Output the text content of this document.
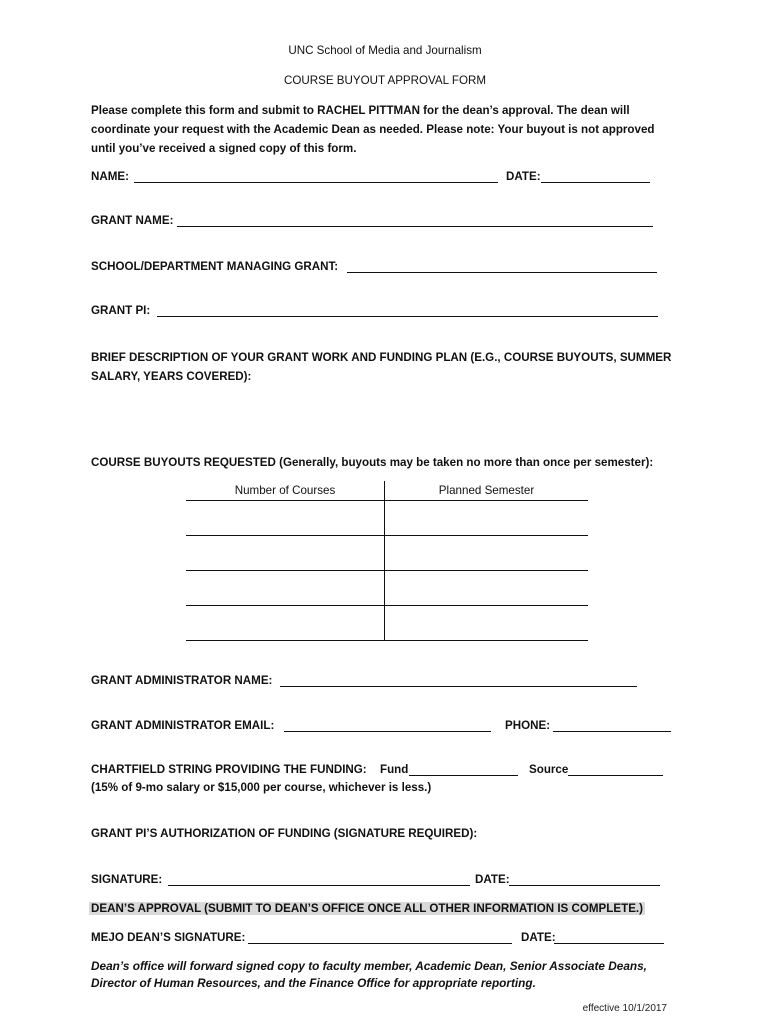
UNC School of Media and Journalism
COURSE BUYOUT APPROVAL FORM
Please complete this form and submit to RACHEL PITTMAN for the dean’s approval. The dean will coordinate your request with the Academic Dean as needed. Please note: Your buyout is not approved until you’ve received a signed copy of this form.
NAME:	DATE:
GRANT NAME:
SCHOOL/DEPARTMENT MANAGING GRANT:
GRANT PI:
BRIEF DESCRIPTION OF YOUR GRANT WORK AND FUNDING PLAN (E.G., COURSE BUYOUTS, SUMMER SALARY, YEARS COVERED):
COURSE BUYOUTS REQUESTED (Generally, buyouts may be taken no more than once per semester):
Number of Courses	Planned Semester

GRANT ADMINISTRATOR NAME:
GRANT ADMINISTRATOR EMAIL:	PHONE:
CHARTFIELD STRING PROVIDING THE FUNDING: Fund	Source
(15% of 9-mo salary or $15,000 per course, whichever is less.)
GRANT PI’S AUTHORIZATION OF FUNDING (SIGNATURE REQUIRED):
SIGNATURE:	DATE:
DEAN’S APPROVAL (SUBMIT TO DEAN’S OFFICE ONCE ALL OTHER INFORMATION IS COMPLETE.)
MEJO DEAN’S SIGNATURE:	DATE:
Dean’s office will forward signed copy to faculty member, Academic Dean, Senior Associate Deans, Director of Human Resources, and the Finance Office for appropriate reporting.
effective 10/1/2017
